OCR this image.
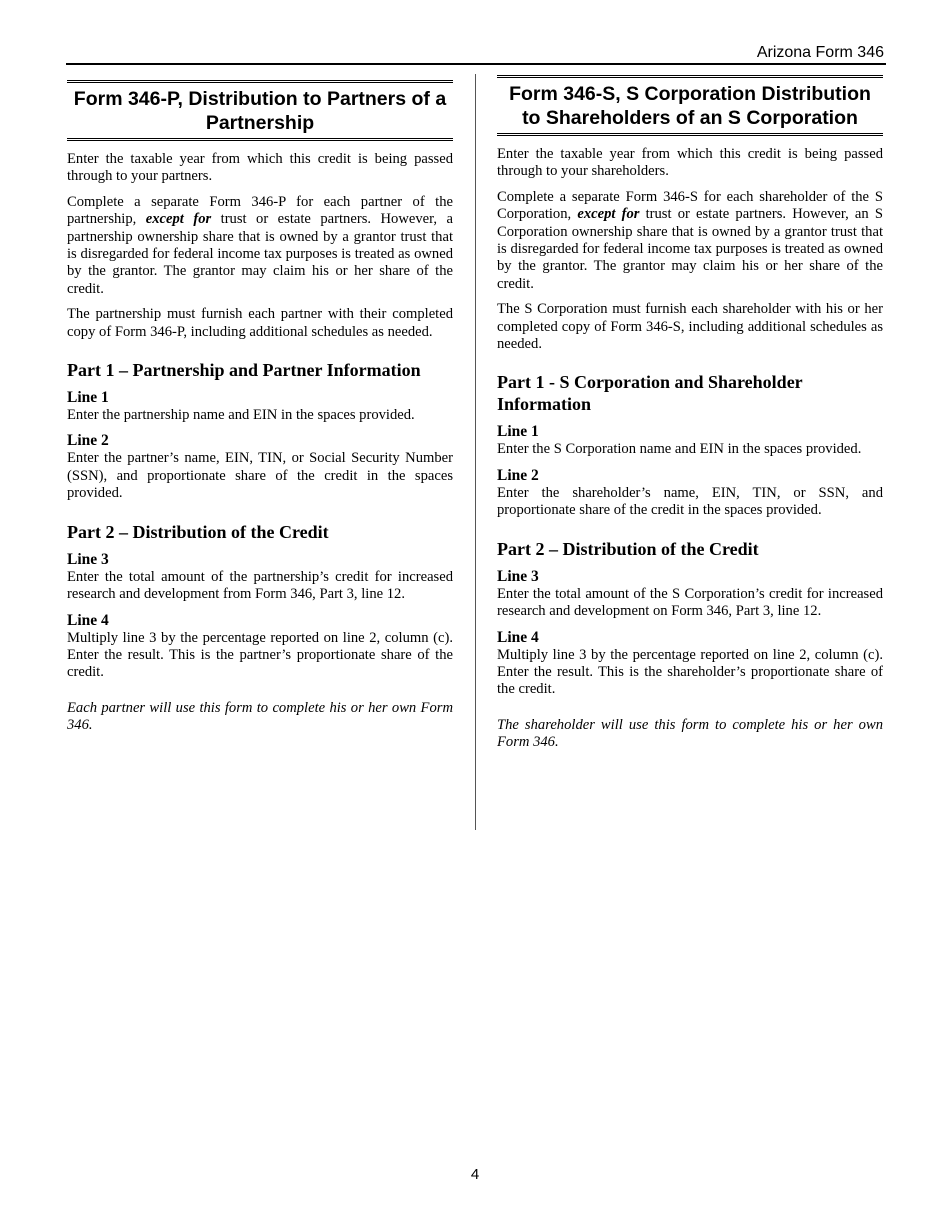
Arizona Form 346
Form 346-P, Distribution to Partners of a Partnership

Enter the taxable year from which this credit is being passed through to your partners.

Complete a separate Form 346-P for each partner of the partnership, except for trust or estate partners. However, a partnership ownership share that is owned by a grantor trust that is disregarded for federal income tax purposes is treated as owned by the grantor. The grantor may claim his or her share of the credit.

The partnership must furnish each partner with their completed copy of Form 346-P, including additional schedules as needed.

Part 1 – Partnership and Partner Information
Line 1

Enter the partnership name and EIN in the spaces provided.

Line 2

Enter the partner’s name, EIN, TIN, or Social Security Number (SSN), and proportionate share of the credit in the spaces provided.

Part 2 – Distribution of the Credit
Line 3

Enter the total amount of the partnership’s credit for increased research and development from Form 346, Part 3, line 12.

Line 4

Multiply line 3 by the percentage reported on line 2, column (c). Enter the result. This is the partner’s proportionate share of the credit.

Each partner will use this form to complete his or her own Form 346.

Form 346-S, S Corporation Distribution to Shareholders of an S Corporation

Enter the taxable year from which this credit is being passed through to your shareholders.

Complete a separate Form 346-S for each shareholder of the S Corporation, except for trust or estate partners. However, an S Corporation ownership share that is owned by a grantor trust that is disregarded for federal income tax purposes is treated as owned by the grantor. The grantor may claim his or her share of the credit.

The S Corporation must furnish each shareholder with his or her completed copy of Form 346-S, including additional schedules as needed.

Part 1 - S Corporation and Shareholder Information
Line 1

Enter the S Corporation name and EIN in the spaces provided.

Line 2

Enter the shareholder’s name, EIN, TIN, or SSN, and proportionate share of the credit in the spaces provided.

Part 2 – Distribution of the Credit
Line 3

Enter the total amount of the S Corporation’s credit for increased research and development on Form 346, Part 3, line 12.

Line 4

Multiply line 3 by the percentage reported on line 2, column (c). Enter the result. This is the shareholder’s proportionate share of the credit.

The shareholder will use this form to complete his or her own Form 346.

4
